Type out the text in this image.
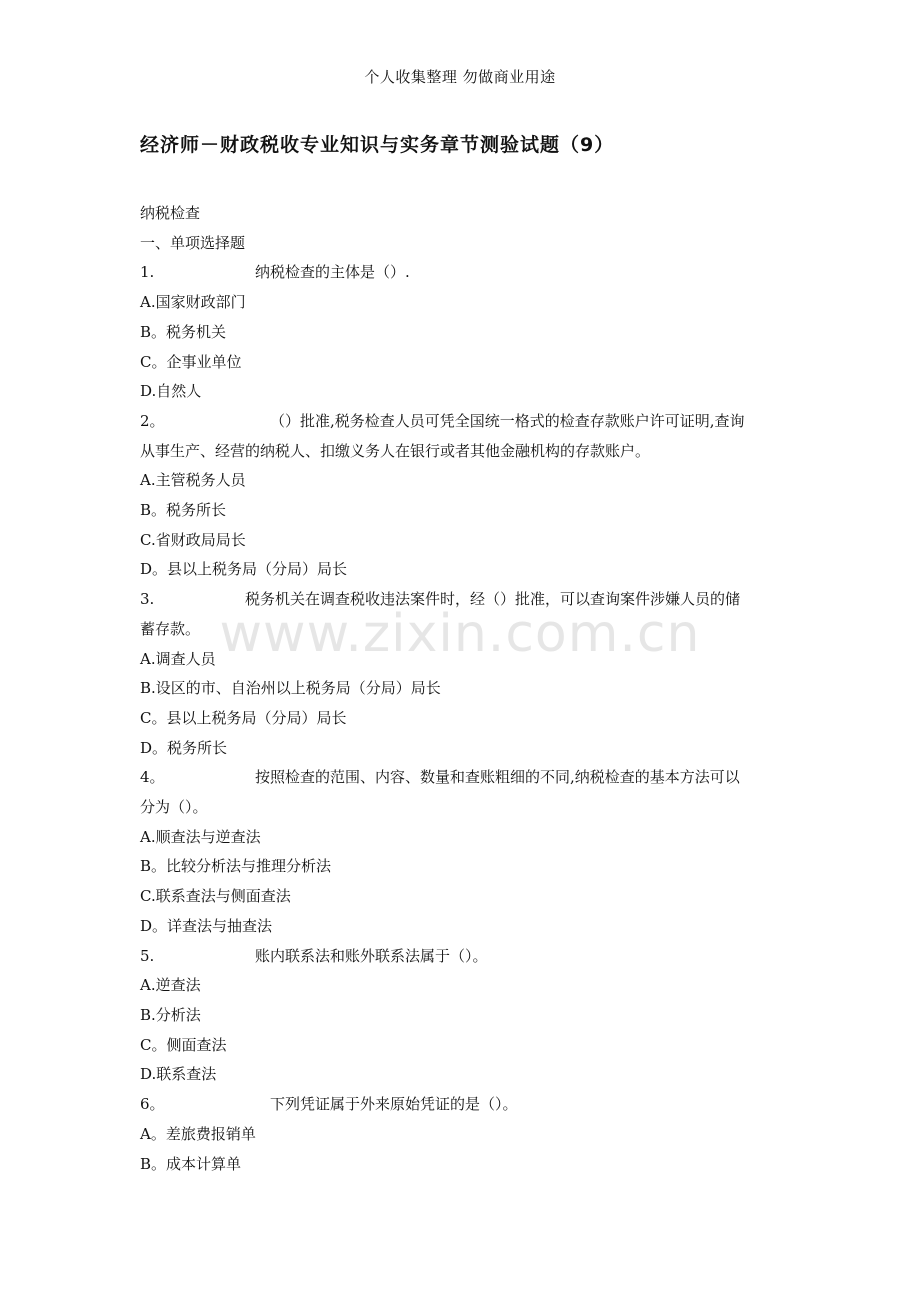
个人收集整理 勿做商业用途
经济师－财政税收专业知识与实务章节测验试题（9）
www.zixin.com.cn
纳税检查
一、单项选择题
1.	纳税检查的主体是（）.
A.国家财政部门
B。税务机关
C。企事业单位
D.自然人
2。	（）批准,税务检查人员可凭全国统一格式的检查存款账户许可证明,查询
从事生产、经营的纳税人、扣缴义务人在银行或者其他金融机构的存款账户。
A.主管税务人员
B。税务所长
C.省财政局局长
D。县以上税务局（分局）局长
3.	税务机关在调查税收违法案件时，经（）批准，可以查询案件涉嫌人员的储
蓄存款。
A.调查人员
B.设区的市、自治州以上税务局（分局）局长
C。县以上税务局（分局）局长
D。税务所长
4。	按照检查的范围、内容、数量和查账粗细的不同,纳税检查的基本方法可以
分为（）。
A.顺查法与逆查法
B。比较分析法与推理分析法
C.联系查法与侧面查法
D。详查法与抽查法
5.	账内联系法和账外联系法属于（）。
A.逆查法
B.分析法
C。侧面查法
D.联系查法
6。	下列凭证属于外来原始凭证的是（）。
A。差旅费报销单
B。成本计算单
